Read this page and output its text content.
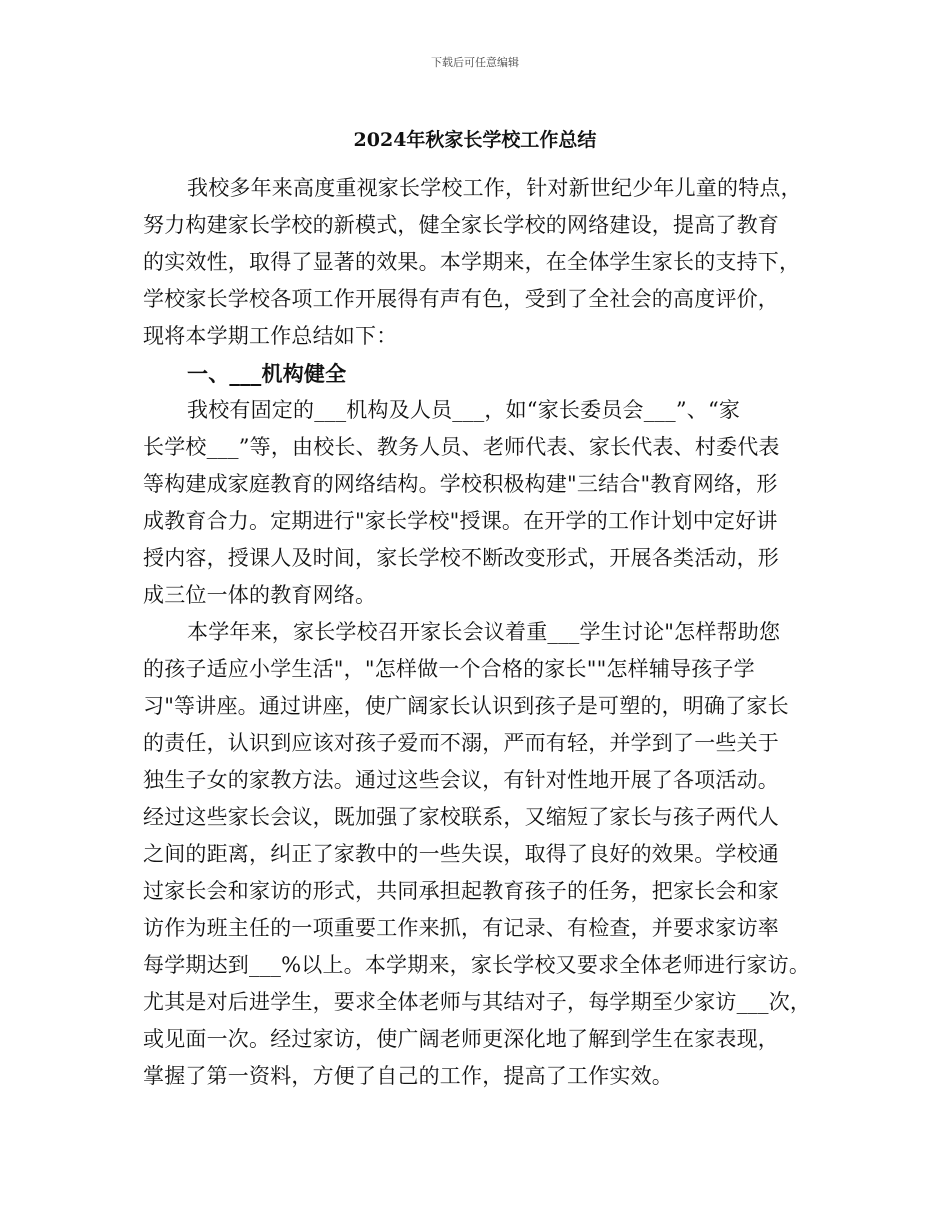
下载后可任意编辑
2024年秋家长学校工作总结
我校多年来高度重视家长学校工作，针对新世纪少年儿童的特点，
努力构建家长学校的新模式，健全家长学校的网络建设，提高了教育
的实效性，取得了显著的效果。本学期来，在全体学生家长的支持下，
学校家长学校各项工作开展得有声有色，受到了全社会的高度评价，
现将本学期工作总结如下：
一、___机构健全
我校有固定的___机构及人员___，如“家长委员会___”、“家
长学校___”等，由校长、教务人员、老师代表、家长代表、村委代表
等构建成家庭教育的网络结构。学校积极构建"三结合"教育网络，形
成教育合力。定期进行"家长学校"授课。在开学的工作计划中定好讲
授内容，授课人及时间，家长学校不断改变形式，开展各类活动，形
成三位一体的教育网络。
本学年来，家长学校召开家长会议着重___学生讨论"怎样帮助您
的孩子适应小学生活"，"怎样做一个合格的家长""怎样辅导孩子学
习"等讲座。通过讲座，使广阔家长认识到孩子是可塑的，明确了家长
的责任，认识到应该对孩子爱而不溺，严而有轻，并学到了一些关于
独生子女的家教方法。通过这些会议，有针对性地开展了各项活动。
经过这些家长会议，既加强了家校联系，又缩短了家长与孩子两代人
之间的距离，纠正了家教中的一些失误，取得了良好的效果。学校通
过家长会和家访的形式，共同承担起教育孩子的任务，把家长会和家
访作为班主任的一项重要工作来抓，有记录、有检查，并要求家访率
每学期达到___%以上。本学期来，家长学校又要求全体老师进行家访。
尤其是对后进学生，要求全体老师与其结对子，每学期至少家访___次，
或见面一次。经过家访，使广阔老师更深化地了解到学生在家表现，
掌握了第一资料，方便了自己的工作，提高了工作实效。
